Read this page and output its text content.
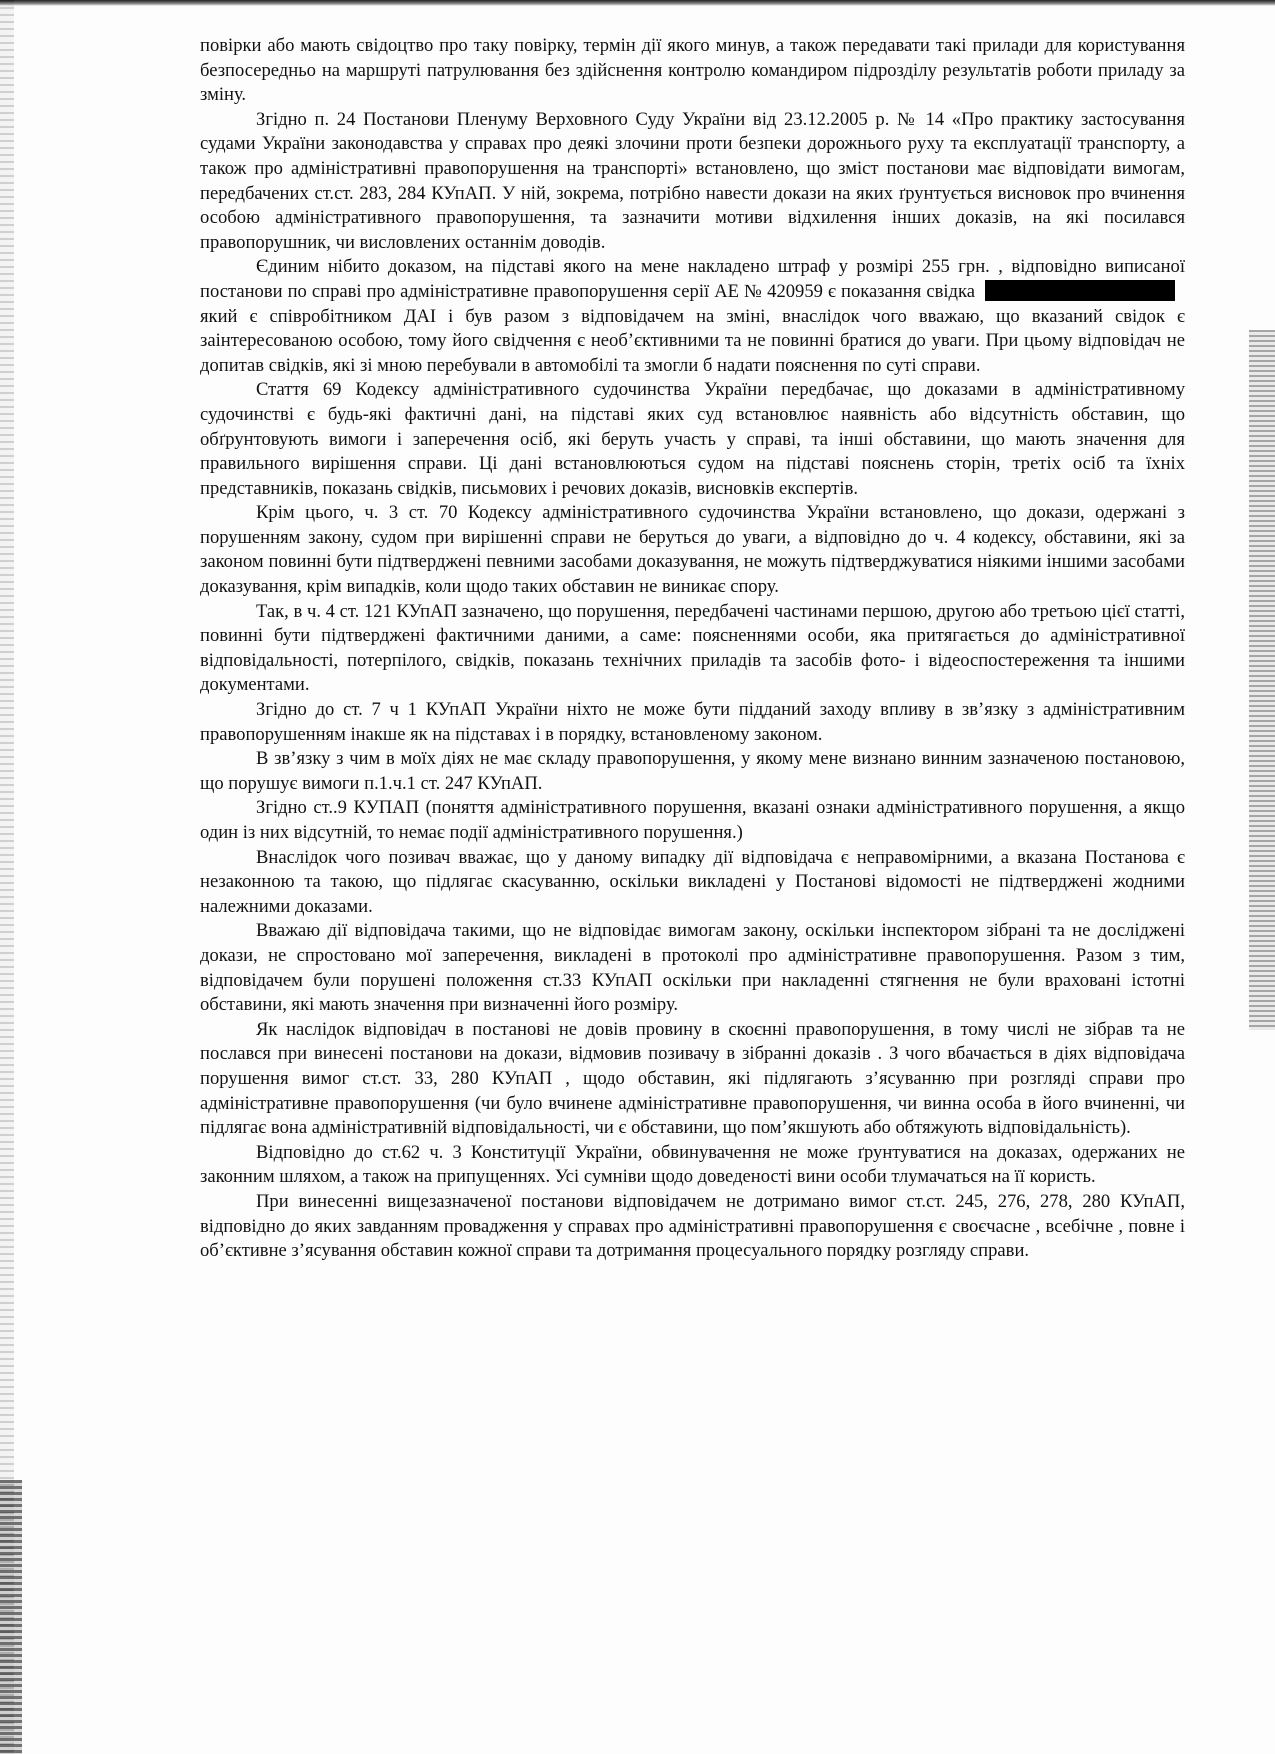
повірки або мають свідоцтво про таку повірку, термін дії якого минув, а також передавати такі прилади для користування безпосередньо на маршруті патрулювання без здійснення контролю командиром підрозділу результатів роботи приладу за зміну.

Згідно п. 24 Постанови Пленуму Верховного Суду України від 23.12.2005 р. № 14 «Про практику застосування судами України законодавства у справах про деякі злочини проти безпеки дорожнього руху та експлуатації транспорту, а також про адміністративні правопорушення на транспорті» встановлено, що зміст постанови має відповідати вимогам, передбачених ст.ст. 283, 284 КУпАП. У ній, зокрема, потрібно навести докази на яких ґрунтується висновок про вчинення особою адміністративного правопорушення, та зазначити мотиви відхилення інших доказів, на які посилався правопорушник, чи висловлених останнім доводів.

Єдиним нібито доказом, на підставі якого на мене накладено штраф у розмірі 255 грн. , відповідно виписаної постанови по справі про адміністративне правопорушення серії АЕ № 420959 є показання свідкаякий є співробітником ДАІ і був разом з відповідачем на зміні, внаслідок чого вважаю, що вказаний свідок є заінтересованою особою, тому його свідчення є необ’єктивними та не повинні братися до уваги. При цьому відповідач не допитав свідків, які зі мною перебували в автомобілі та змогли б надати пояснення по суті справи.

Стаття 69 Кодексу адміністративного судочинства України передбачає, що доказами в адміністративному судочинстві є будь-які фактичні дані, на підставі яких суд встановлює наявність або відсутність обставин, що обґрунтовують вимоги і заперечення осіб, які беруть участь у справі, та інші обставини, що мають значення для правильного вирішення справи. Ці дані встановлюються судом на підставі пояснень сторін, третіх осіб та їхніх представників, показань свідків, письмових і речових доказів, висновків експертів.

Крім цього, ч. 3 ст. 70 Кодексу адміністративного судочинства України встановлено, що докази, одержані з порушенням закону, судом при вирішенні справи не беруться до уваги, а відповідно до ч. 4 кодексу, обставини, які за законом повинні бути підтверджені певними засобами доказування, не можуть підтверджуватися ніякими іншими засобами доказування, крім випадків, коли щодо таких обставин не виникає спору.

Так, в ч. 4 ст. 121 КУпАП зазначено, що порушення, передбачені частинами першою, другою або третьою цієї статті, повинні бути підтверджені фактичними даними, а саме: поясненнями особи, яка притягається до адміністративної відповідальності, потерпілого, свідків, показань технічних приладів та засобів фото- і відеоспостереження та іншими документами.

Згідно до ст. 7 ч 1 КУпАП України ніхто не може бути підданий заходу впливу в зв’язку з адміністративним правопорушенням інакше як на підставах і в порядку, встановленому законом.

В зв’язку з чим в моїх діях не має складу правопорушення, у якому мене визнано винним зазначеною постановою, що порушує вимоги п.1.ч.1 ст. 247 КУпАП.

Згідно ст..9 КУПАП (поняття адміністративного порушення, вказані ознаки адміністративного порушення, а якщо один із них відсутній, то немає події адміністративного порушення.)

Внаслідок чого позивач вважає, що у даному випадку дії відповідача є неправомірними, а вказана Постанова є незаконною та такою, що підлягає скасуванню, оскільки викладені у Постанові відомості не підтверджені жодними належними доказами.

Вважаю дії відповідача такими, що не відповідає вимогам закону, оскільки інспектором зібрані та не досліджені докази, не спростовано мої заперечення, викладені в протоколі про адміністративне правопорушення. Разом з тим, відповідачем були порушені положення ст.33 КУпАП оскільки при накладенні стягнення не були враховані істотні обставини, які мають значення при визначенні його розміру.

Як наслідок відповідач в постанові не довів провину в скоєнні правопорушення, в тому числі не зібрав та не послався при винесені постанови на докази, відмовив позивачу в зібранні доказів . З чого вбачається в діях відповідача порушення вимог ст.ст. 33, 280 КУпАП , щодо обставин, які підлягають з’ясуванню при розгляді справи про адміністративне правопорушення (чи було вчинене адміністративне правопорушення, чи винна особа в його вчиненні, чи підлягає вона адміністративній відповідальності, чи є обставини, що пом’якшують або обтяжують відповідальність).

Відповідно до ст.62 ч. 3 Конституції України, обвинувачення не може ґрунтуватися на доказах, одержаних не законним шляхом, а також на припущеннях. Усі сумніви щодо доведеності вини особи тлумачаться на її користь.

При винесенні вищезазначеної постанови відповідачем не дотримано вимог ст.ст. 245, 276, 278, 280 КУпАП, відповідно до яких завданням провадження у справах про адміністративні правопорушення є своєчасне , всебічне , повне і об’єктивне з’ясування обставин кожної справи та дотримання процесуального порядку розгляду справи.
